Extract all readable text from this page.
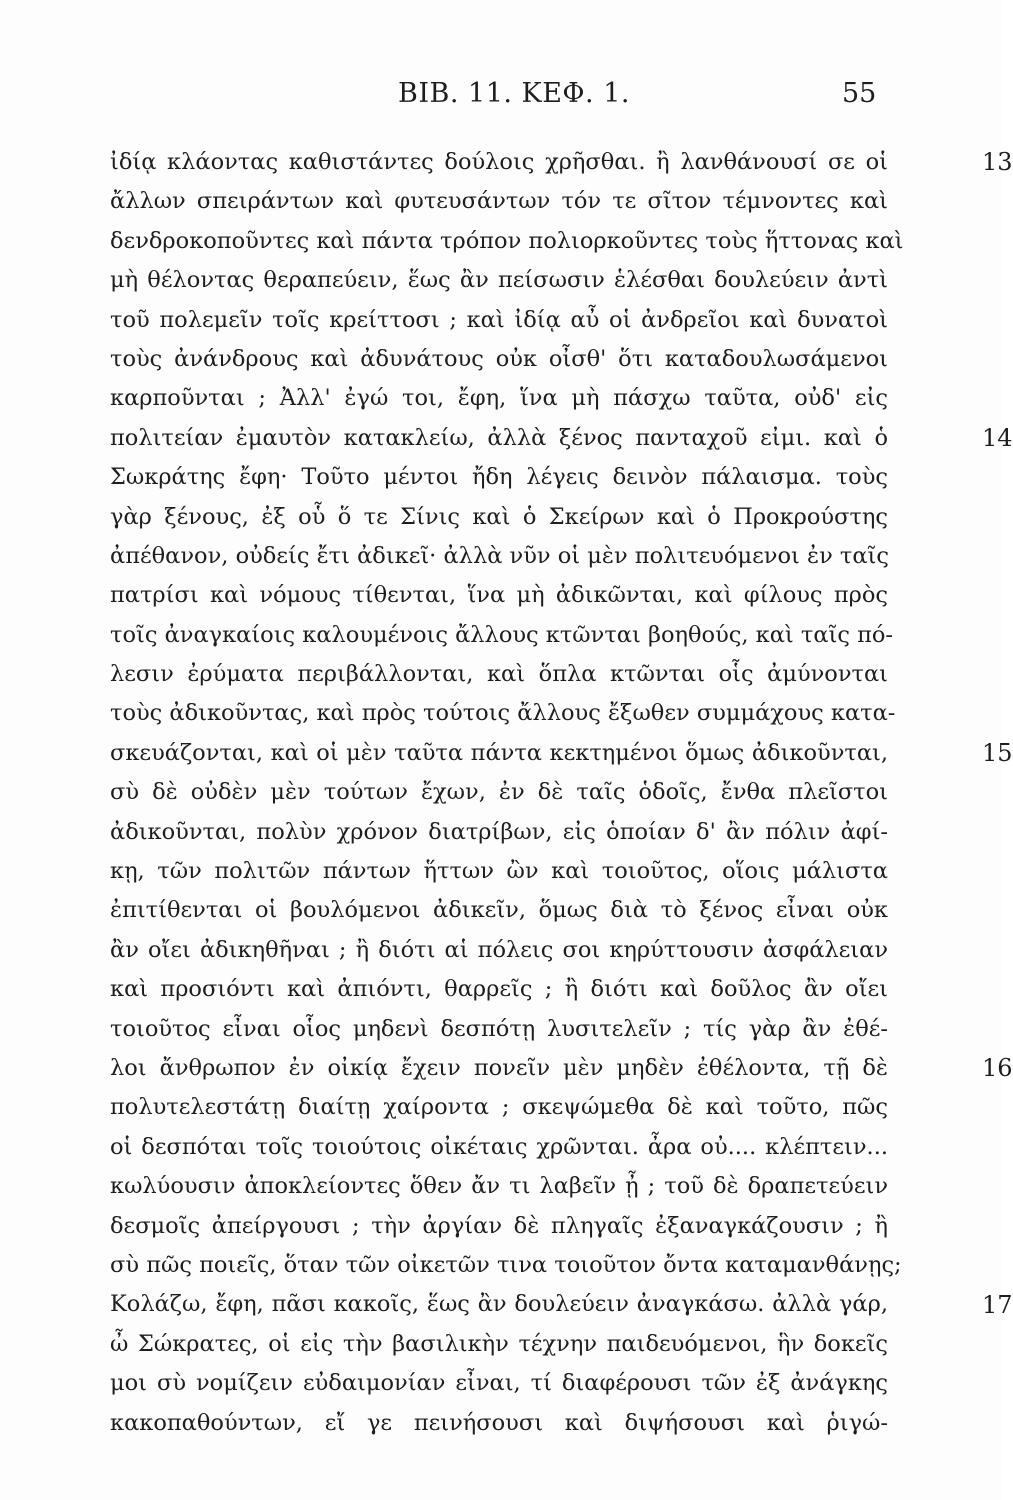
ΒΙΒ. 11. ΚΕΦ. 1.	55
ἰδίᾳ κλάοντας καθιστάντες δούλοις χρῆσθαι. ἢ λανθάνουσί σε οἱ	13
ἄλλων σπειράντων καὶ φυτευσάντων τόν τε σῖτον τέμνοντες καὶ
δενδροκοποῦντες καὶ πάντα τρόπον πολιορκοῦντες τοὺς ἥττονας καὶ
μὴ θέλοντας θεραπεύειν, ἕως ἂν πείσωσιν ἑλέσθαι δουλεύειν ἀντὶ
τοῦ πολεμεῖν τοῖς κρείττοσι ; καὶ ἰδίᾳ αὖ οἱ ἀνδρεῖοι καὶ δυνατοὶ
τοὺς ἀνάνδρους καὶ ἀδυνάτους οὐκ οἶσθ' ὅτι καταδουλωσάμενοι
καρποῦνται ; Ἀλλ' ἐγώ τοι, ἔφη, ἵνα μὴ πάσχω ταῦτα, οὐδ' εἰς
πολιτείαν ἐμαυτὸν κατακλείω, ἀλλὰ ξένος πανταχοῦ εἰμι. καὶ ὁ	14
Σωκράτης ἔφη· Τοῦτο μέντοι ἤδη λέγεις δεινὸν πάλαισμα. τοὺς
γὰρ ξένους, ἐξ οὗ ὅ τε Σίνις καὶ ὁ Σκείρων καὶ ὁ Προκρούστης
ἀπέθανον, οὐδείς ἔτι ἀδικεῖ· ἀλλὰ νῦν οἱ μὲν πολιτευόμενοι ἐν ταῖς
πατρίσι καὶ νόμους τίθενται, ἵνα μὴ ἀδικῶνται, καὶ φίλους πρὸς
τοῖς ἀναγκαίοις καλουμένοις ἄλλους κτῶνται βοηθούς, καὶ ταῖς πό-
λεσιν ἐρύματα περιβάλλονται, καὶ ὅπλα κτῶνται οἷς ἀμύνονται
τοὺς ἀδικοῦντας, καὶ πρὸς τούτοις ἄλλους ἔξωθεν συμμάχους κατα-
σκευάζονται, καὶ οἱ μὲν ταῦτα πάντα κεκτημένοι ὅμως ἀδικοῦνται,	15
σὺ δὲ οὐδὲν μὲν τούτων ἔχων, ἐν δὲ ταῖς ὁδοῖς, ἔνθα πλεῖστοι
ἀδικοῦνται, πολὺν χρόνον διατρίβων, εἰς ὁποίαν δ' ἂν πόλιν ἀφί-
κῃ, τῶν πολιτῶν πάντων ἥττων ὢν καὶ τοιοῦτος, οἵοις μάλιστα
ἐπιτίθενται οἱ βουλόμενοι ἀδικεῖν, ὅμως διὰ τὸ ξένος εἶναι οὐκ
ἂν οἴει ἀδικηθῆναι ; ἢ διότι αἱ πόλεις σοι κηρύττουσιν ἀσφάλειαν
καὶ προσιόντι καὶ ἀπιόντι, θαρρεῖς ; ἢ διότι καὶ δοῦλος ἂν οἴει
τοιοῦτος εἶναι οἷος μηδενὶ δεσπότῃ λυσιτελεῖν ; τίς γὰρ ἂν ἐθέ-
λοι ἄνθρωπον ἐν οἰκίᾳ ἔχειν πονεῖν μὲν μηδὲν ἐθέλοντα, τῇ δὲ	16
πολυτελεστάτῃ διαίτῃ χαίροντα ; σκεψώμεθα δὲ καὶ τοῦτο, πῶς
οἱ δεσπόται τοῖς τοιούτοις οἰκέταις χρῶνται. ἆρα οὐ.... κλέπτειν...
κωλύουσιν ἀποκλείοντες ὅθεν ἄν τι λαβεῖν ᾖ ; τοῦ δὲ δραπετεύειν
δεσμοῖς ἀπείργουσι ; τὴν ἀργίαν δὲ πληγαῖς ἐξαναγκάζουσιν ; ἢ
σὺ πῶς ποιεῖς, ὅταν τῶν οἰκετῶν τινα τοιοῦτον ὄντα καταμανθάνῃς;
Κολάζω, ἔφη, πᾶσι κακοῖς, ἕως ἂν δουλεύειν ἀναγκάσω. ἀλλὰ γάρ,	17
ὦ Σώκρατες, οἱ εἰς τὴν βασιλικὴν τέχνην παιδευόμενοι, ἣν δοκεῖς
μοι σὺ νομίζειν εὐδαιμονίαν εἶναι, τί διαφέρουσι τῶν ἐξ ἀνάγκης
κακοπαθούντων, εἴ γε πεινήσουσι καὶ διψήσουσι καὶ ῥιγώ-
